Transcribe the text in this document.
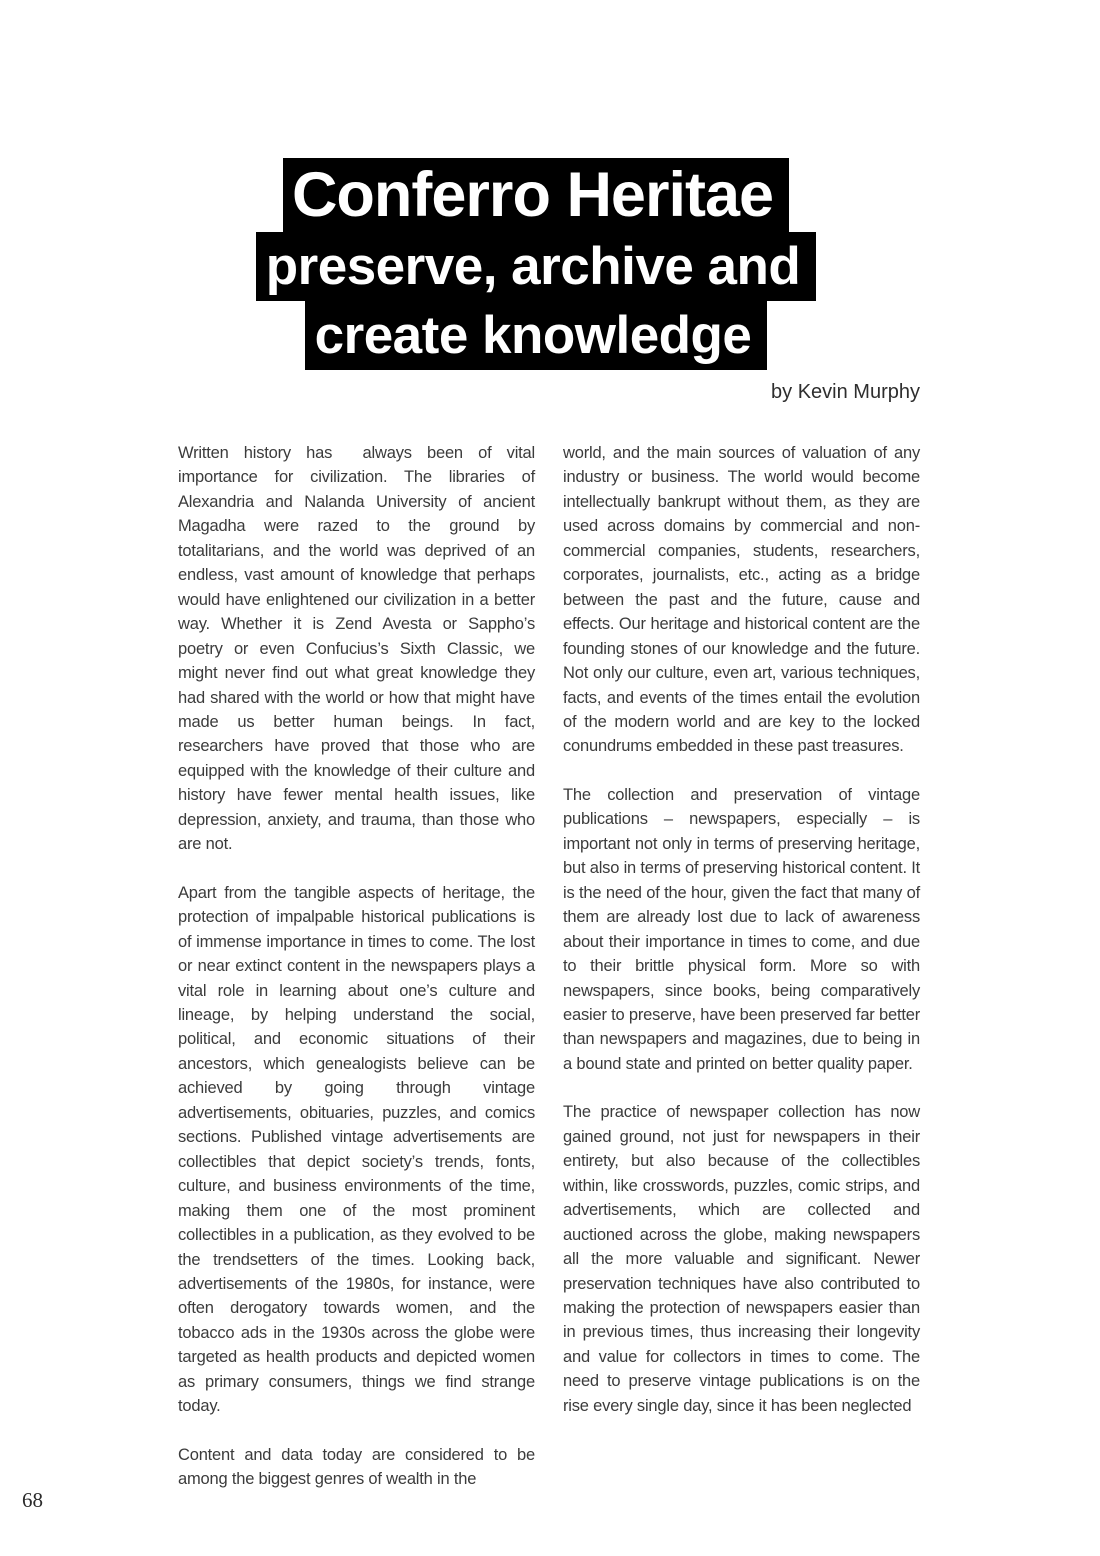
Conferro Heritae
preserve, archive and
create knowledge
by Kevin Murphy

Written history has  always been of vital importance for civilization. The libraries of Alexandria and Nalanda University of ancient Magadha were razed to the ground by totalitarians, and the world was deprived of an endless, vast amount of knowledge that perhaps would have enlightened our civilization in a better way. Whether it is Zend Avesta or Sappho’s poetry or even Confucius’s Sixth Classic, we might never find out what great knowledge they had shared with the world or how that might have made us better human beings. In fact, researchers have proved that those who are equipped with the knowledge of their culture and history have fewer mental health issues, like depression, anxiety, and trauma, than those who are not.

Apart from the tangible aspects of heritage, the protection of impalpable historical publications is of immense importance in times to come. The lost or near extinct content in the newspapers plays a vital role in learning about one’s culture and lineage, by helping understand the social, political, and economic situations of their ancestors, which genealogists believe can be achieved by going through vintage advertisements, obituaries, puzzles, and comics sections. Published vintage advertisements are collectibles that depict society’s trends, fonts, culture, and business environments of the time, making them one of the most prominent collectibles in a publication, as they evolved to be the trendsetters of the times. Looking back, advertisements of the 1980s, for instance, were often derogatory towards women, and the tobacco ads in the 1930s across the globe were targeted as health products and depicted women as primary consumers, things we find strange today.

Content and data today are considered to be among the biggest genres of wealth in the

world, and the main sources of valuation of any industry or business. The world would become intellectually bankrupt without them, as they are used across domains by commercial and non-commercial companies, students, researchers, corporates, journalists, etc., acting as a bridge between the past and the future, cause and effects. Our heritage and historical content are the founding stones of our knowledge and the future. Not only our culture, even art, various techniques, facts, and events of the times entail the evolution of the modern world and are key to the locked conundrums embedded in these past treasures.

The collection and preservation of vintage publications – newspapers, especially – is important not only in terms of preserving heritage, but also in terms of preserving historical content. It is the need of the hour, given the fact that many of them are already lost due to lack of awareness about their importance in times to come, and due to their brittle physical form. More so with newspapers, since books, being comparatively easier to preserve, have been preserved far better than newspapers and magazines, due to being in a bound state and printed on better quality paper.

The practice of newspaper collection has now gained ground, not just for newspapers in their entirety, but also because of the collectibles within, like crosswords, puzzles, comic strips, and advertisements, which are collected and auctioned across the globe, making newspapers all the more valuable and significant. Newer preservation techniques have also contributed to making the protection of newspapers easier than in previous times, thus increasing their longevity and value for collectors in times to come. The need to preserve vintage publications is on the rise every single day, since it has been neglected

68
